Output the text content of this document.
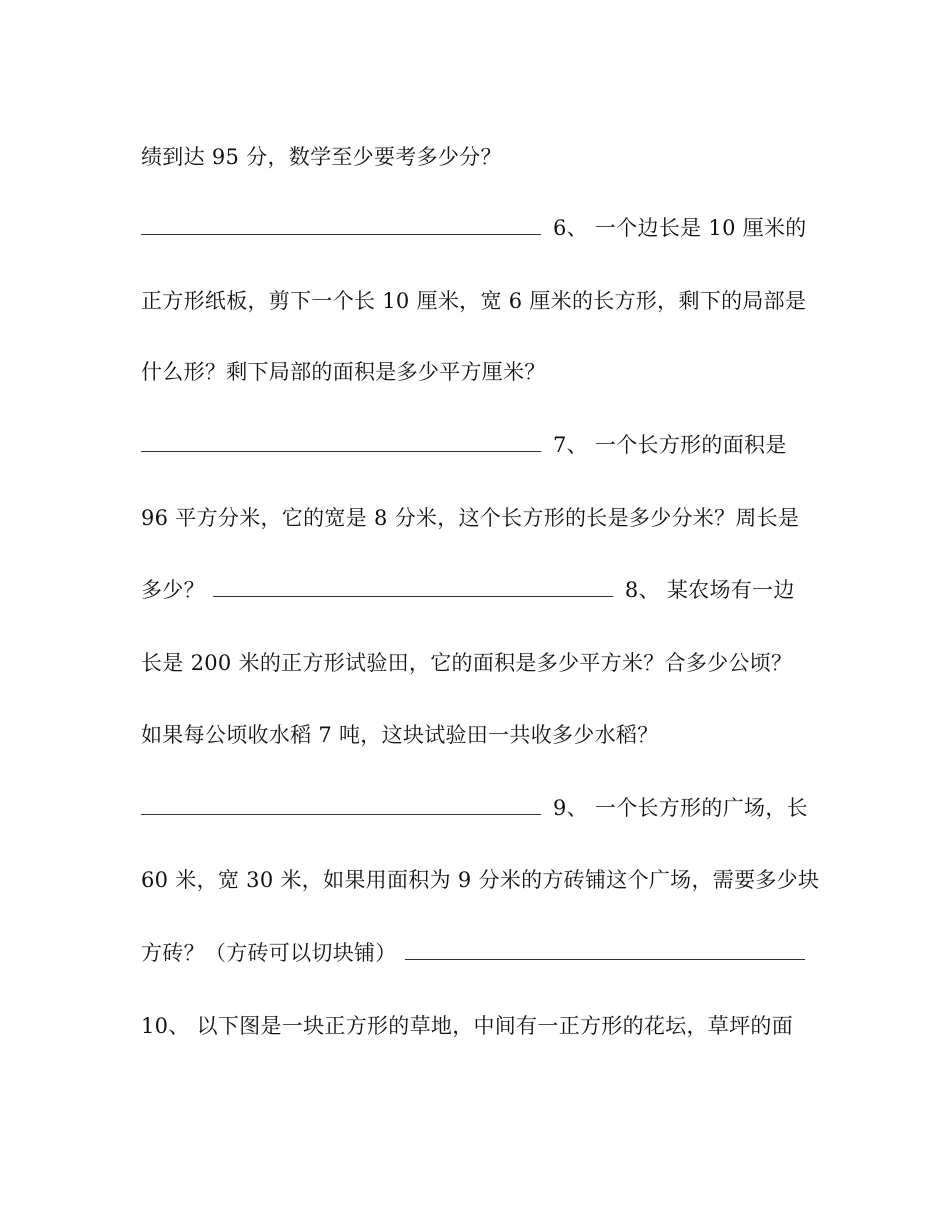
绩到达 95 分，数学至少要考多少分？
6、 一个边长是 10 厘米的
正方形纸板，剪下一个长 10 厘米，宽 6 厘米的长方形，剩下的局部是
什么形？剩下局部的面积是多少平方厘米？
7、 一个长方形的面积是
96 平方分米，它的宽是 8 分米，这个长方形的长是多少分米？周长是
多少？	8、 某农场有一边
长是 200 米的正方形试验田，它的面积是多少平方米？合多少公顷？
如果每公顷收水稻 7 吨，这块试验田一共收多少水稻？
9、 一个长方形的广场，长
60 米，宽 30 米，如果用面积为 9 分米的方砖铺这个广场，需要多少块
方砖？（方砖可以切块铺）
10、 以下图是一块正方形的草地，中间有一正方形的花坛，草坪的面
